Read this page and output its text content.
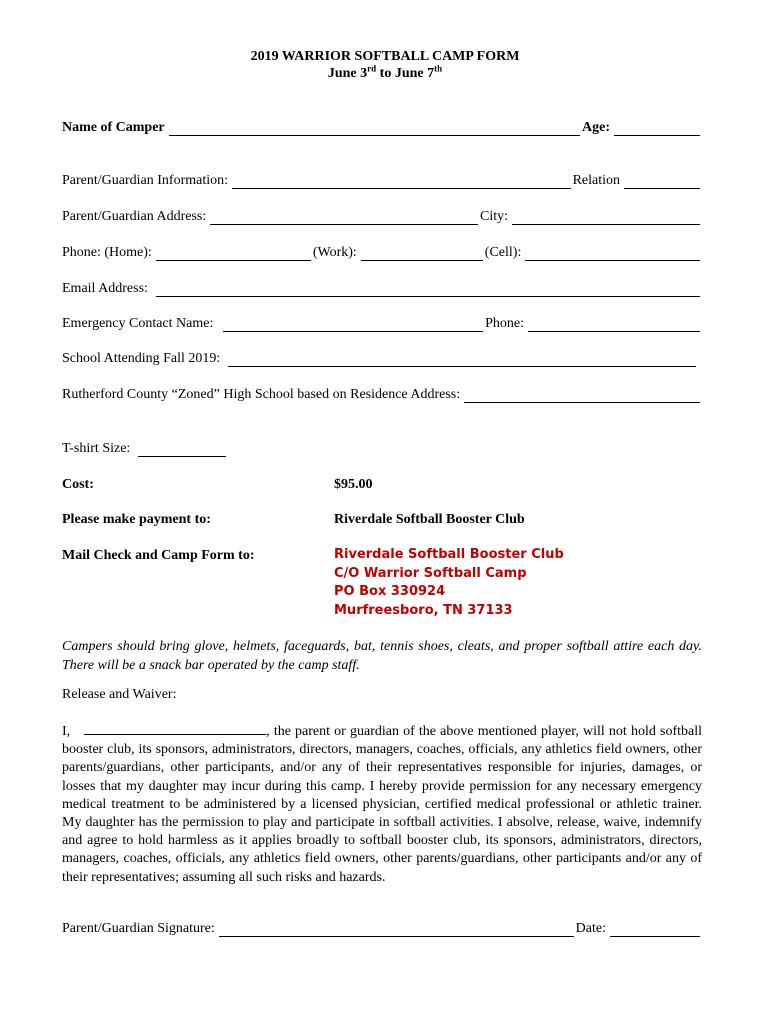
2019 WARRIOR SOFTBALL CAMP FORM
June 3rd to June 7th
Name of Camper	Age:
Parent/Guardian Information:	Relation
Parent/Guardian Address:	City:
Phone: (Home):	(Work):	(Cell):
Email Address:
Emergency Contact Name:	Phone:
School Attending Fall 2019:
Rutherford County “Zoned” High School based on Residence Address:
T-shirt Size:
Cost:	$95.00
Please make payment to:	Riverdale Softball Booster Club
Mail Check and Camp Form to:	Riverdale Softball Booster Club
C/O Warrior Softball Camp
PO Box 330924
Murfreesboro, TN 37133
Campers should bring glove, helmets, faceguards, bat, tennis shoes, cleats, and proper softball attire each day. There will be a snack bar operated by the camp staff.
Release and Waiver:
I,	, the parent or guardian of the above mentioned player, will not hold softball booster club, its sponsors, administrators, directors, managers, coaches, officials, any athletics field owners, other parents/guardians, other participants, and/or any of their representatives responsible for injuries, damages, or losses that my daughter may incur during this camp. I hereby provide permission for any necessary emergency medical treatment to be administered by a licensed physician, certified medical professional or athletic trainer. My daughter has the permission to play and participate in softball activities. I absolve, release, waive, indemnify and agree to hold harmless as it applies broadly to softball booster club, its sponsors, administrators, directors, managers, coaches, officials, any athletics field owners, other parents/guardians, other participants and/or any of their representatives; assuming all such risks and hazards.
Parent/Guardian Signature:	Date:
